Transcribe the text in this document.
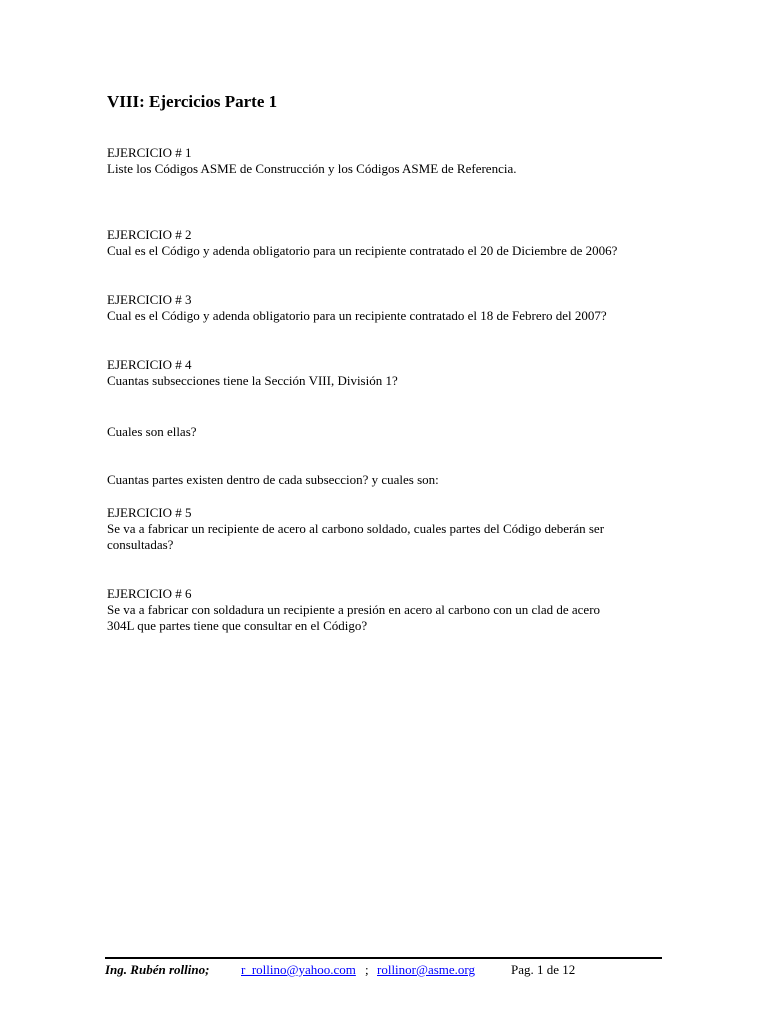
VIII: Ejercicios Parte 1

EJERCICIO # 1

Liste los Códigos ASME de Construcción y los Códigos ASME de Referencia.

EJERCICIO # 2

Cual es el Código y adenda obligatorio para un recipiente contratado el 20 de Diciembre de 2006?

EJERCICIO # 3

Cual es el Código y adenda obligatorio para un recipiente contratado el 18 de Febrero del 2007?

EJERCICIO # 4

Cuantas subsecciones tiene la Sección VIII, División 1?

Cuales son ellas?

Cuantas partes existen dentro de cada subseccion? y cuales son:

EJERCICIO # 5

Se va a fabricar un recipiente de acero al carbono soldado, cuales partes del Código deberán ser

consultadas?

EJERCICIO # 6

Se va a fabricar con soldadura un recipiente a presión en acero al carbono con un clad de acero

304L que partes tiene que consultar en el Código?

Ing. Rubén rollino; r_rollino@yahoo.com ; rollinor@asme.org	Pag. 1 de 12
